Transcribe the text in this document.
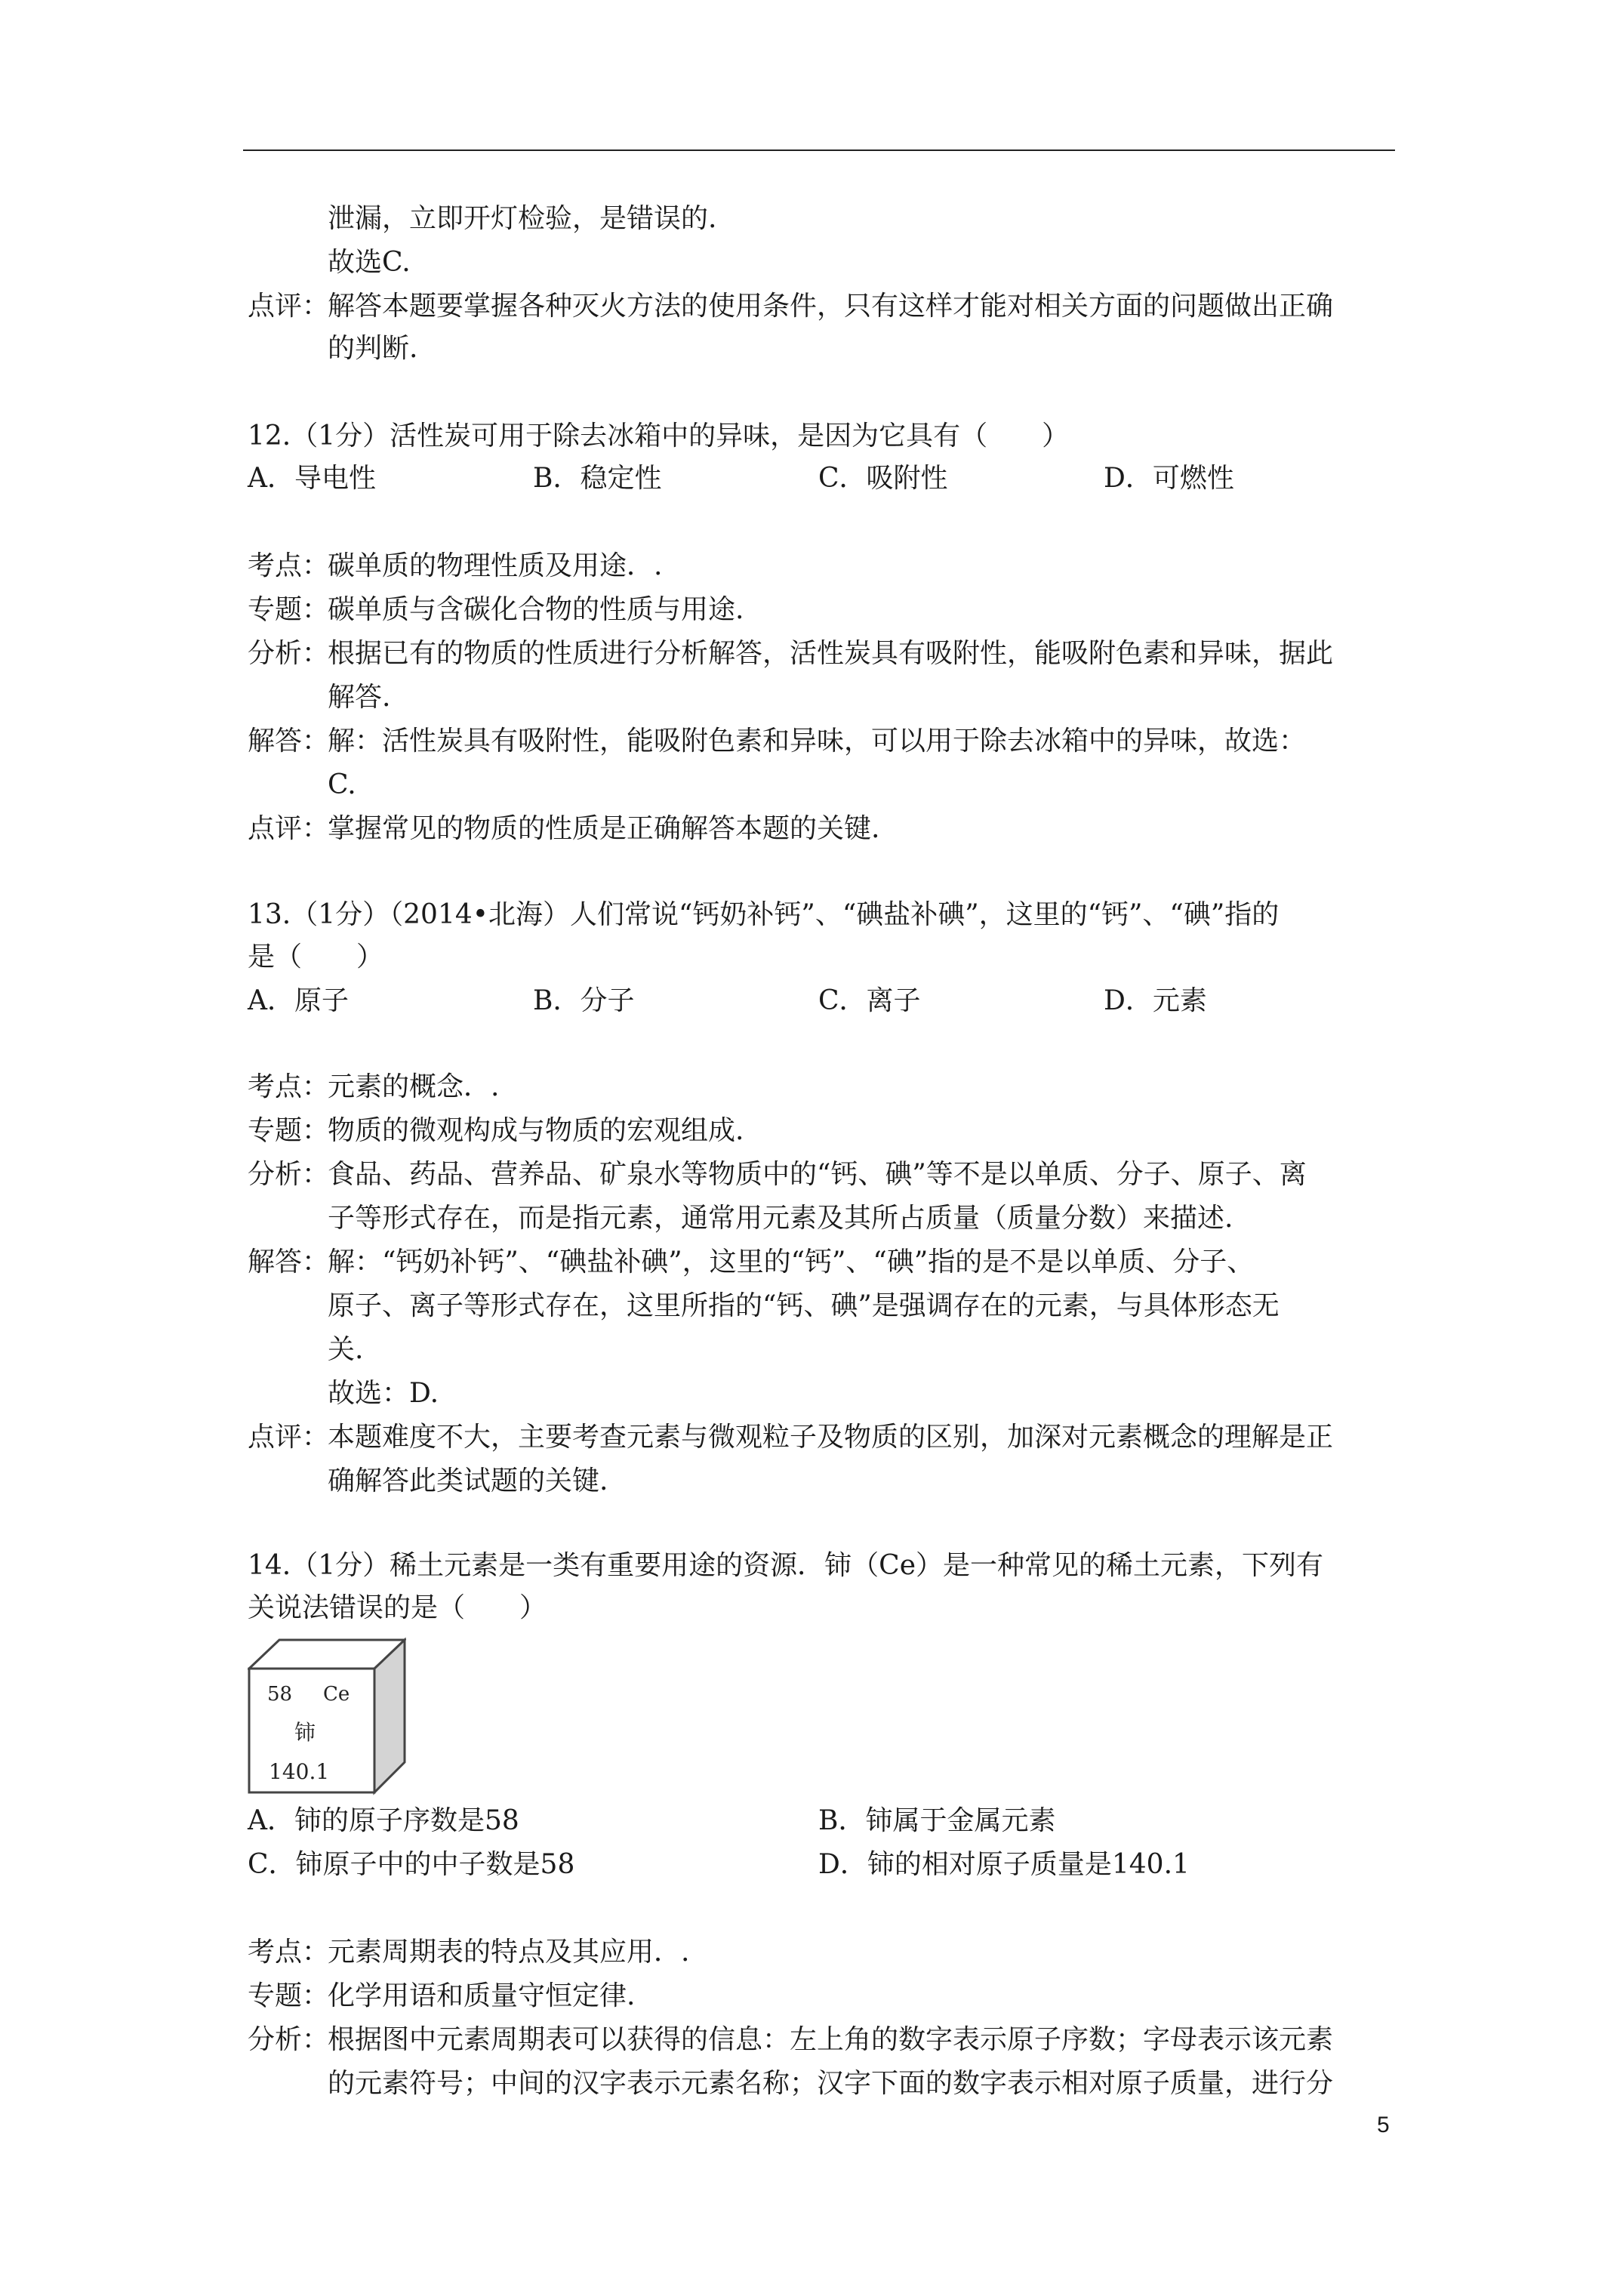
泄漏，立即开灯检验，是错误的.
故选C.
点评：
解答本题要掌握各种灭火方法的使用条件，只有这样才能对相关方面的问题做出正确
的判断.
12.（1分）活性炭可用于除去冰箱中的异味，是因为它具有（　　）
A．导电性	B．稳定性	C．吸附性	D．可燃性
考点：
碳单质的物理性质及用途．.
专题：
碳单质与含碳化合物的性质与用途.
分析：
根据已有的物质的性质进行分析解答，活性炭具有吸附性，能吸附色素和异味，据此
解答.
解答：
解：活性炭具有吸附性，能吸附色素和异味，可以用于除去冰箱中的异味，故选：
C.
点评：
掌握常见的物质的性质是正确解答本题的关键.
13.（1分）（2014•北海）人们常说“钙奶补钙”、“碘盐补碘”，这里的“钙”、“碘”指的
是（　　）
A．原子	B．分子	C．离子	D．元素
考点：
元素的概念．.
专题：
物质的微观构成与物质的宏观组成.
分析：
食品、药品、营养品、矿泉水等物质中的“钙、碘”等不是以单质、分子、原子、离
子等形式存在，而是指元素，通常用元素及其所占质量（质量分数）来描述.
解答：
解：“钙奶补钙”、“碘盐补碘”，这里的“钙”、“碘”指的是不是以单质、分子、
原子、离子等形式存在，这里所指的“钙、碘”是强调存在的元素，与具体形态无
关.
故选：D.
点评：
本题难度不大，主要考查元素与微观粒子及物质的区别，加深对元素概念的理解是正
确解答此类试题的关键.
14.（1分）稀土元素是一类有重要用途的资源．铈（Ce）是一种常见的稀土元素，下列有
关说法错误的是（　　）
58 Ce
铈
140.1
A．铈的原子序数是58	B．铈属于金属元素
C．铈原子中的中子数是58	D．铈的相对原子质量是140.1
考点：
元素周期表的特点及其应用．.
专题：
化学用语和质量守恒定律.
分析：
根据图中元素周期表可以获得的信息：左上角的数字表示原子序数；字母表示该元素
的元素符号；中间的汉字表示元素名称；汉字下面的数字表示相对原子质量，进行分
5
